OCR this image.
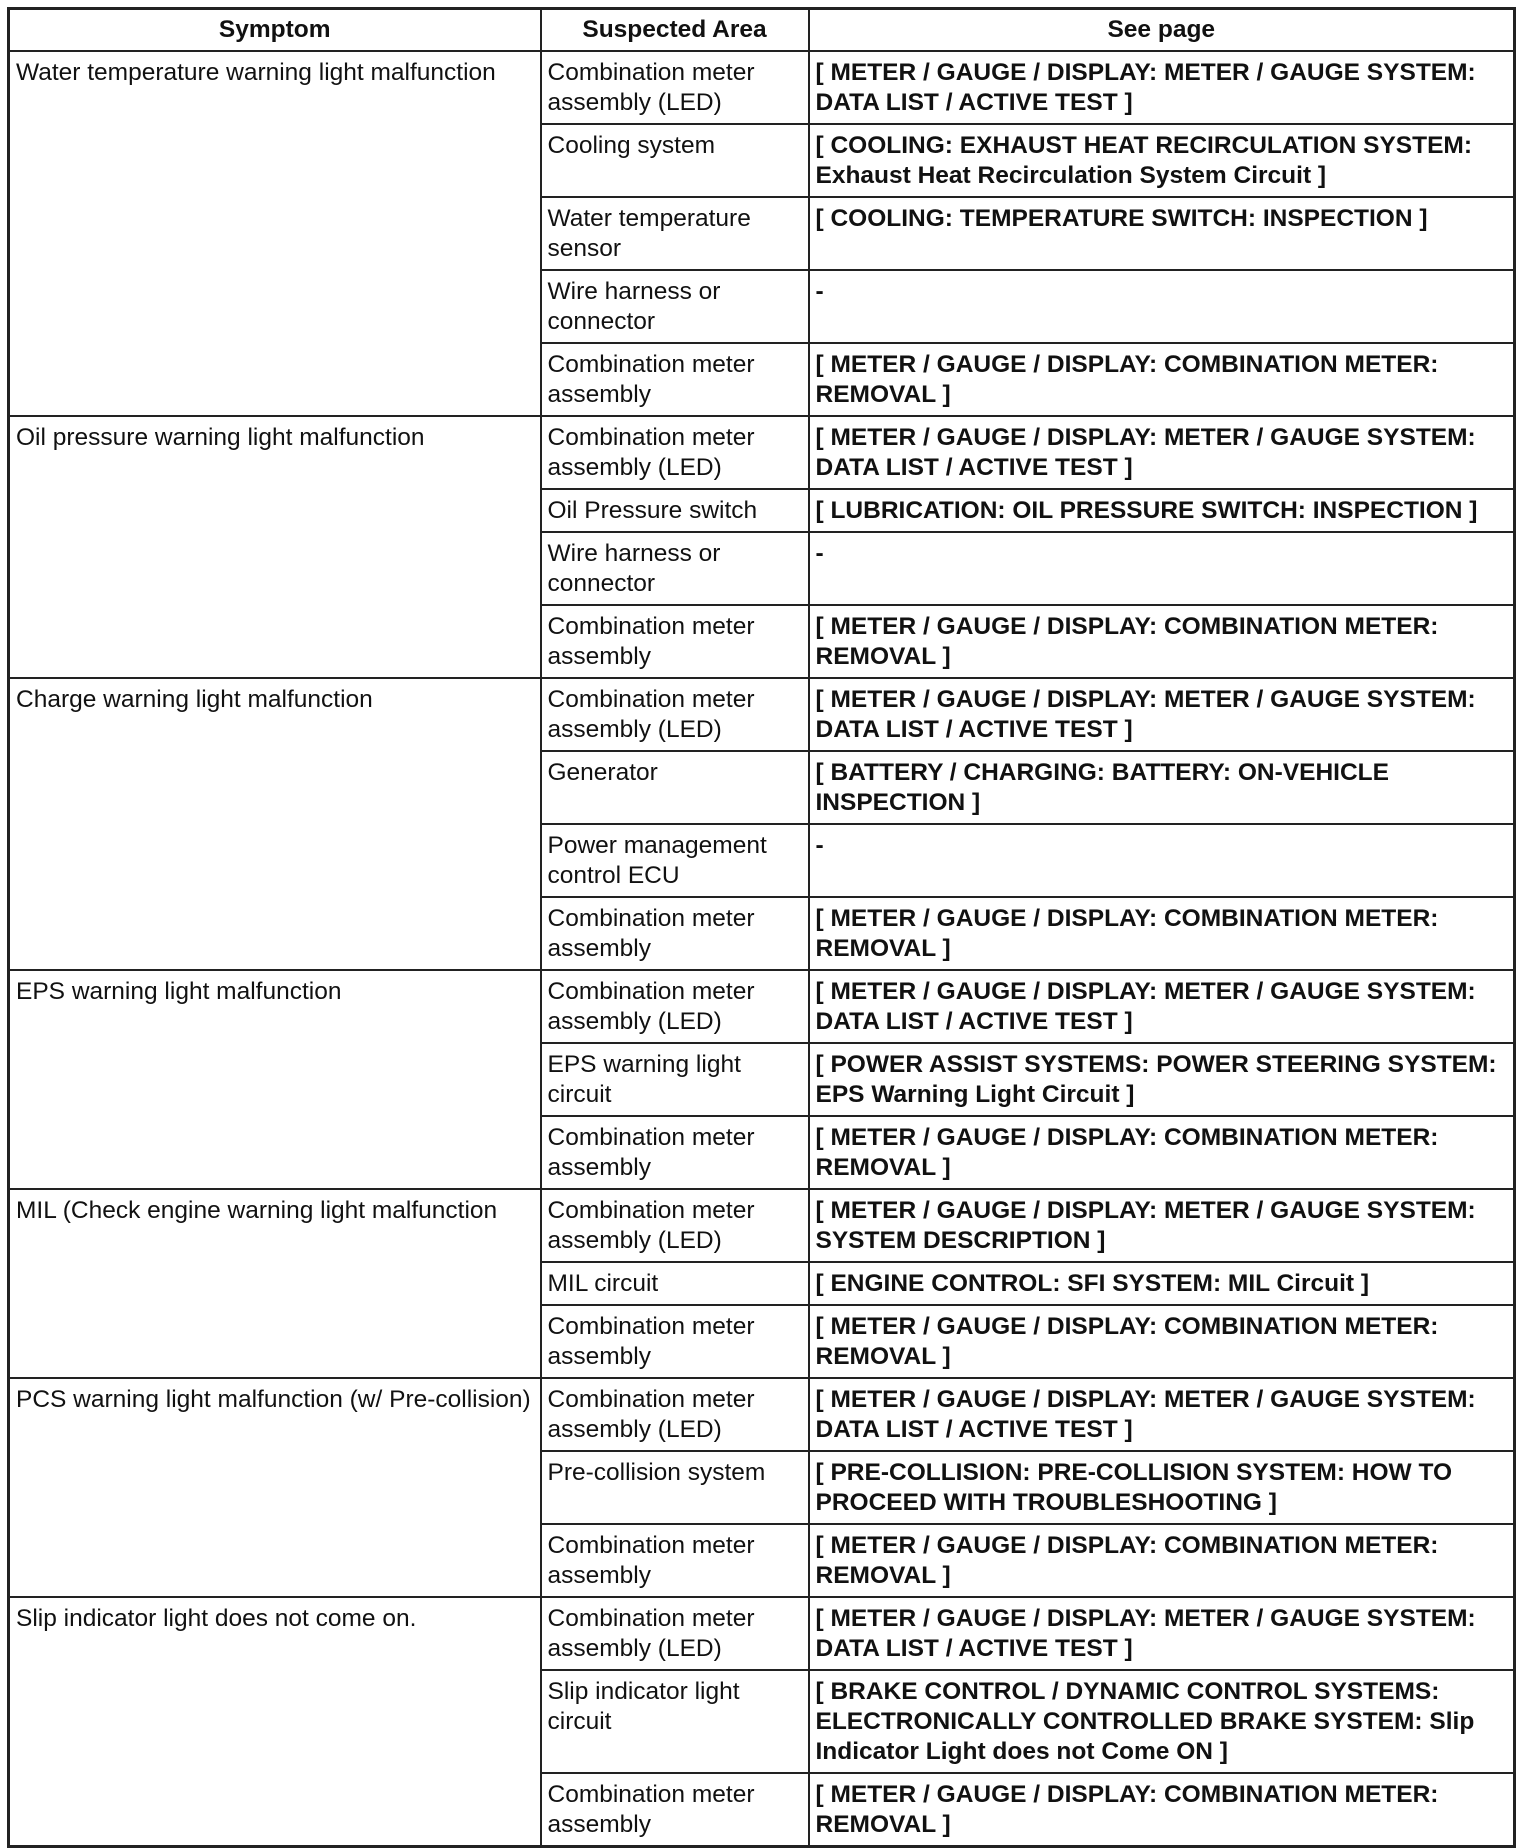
Symptom	Suspected Area	See page
Water temperature warning light malfunction	Combination meter assembly (LED)	[ METER / GAUGE / DISPLAY: METER / GAUGE SYSTEM: DATA LIST / ACTIVE TEST ]
	Cooling system	[ COOLING: EXHAUST HEAT RECIRCULATION SYSTEM: Exhaust Heat Recirculation System Circuit ]
	Water temperature sensor	[ COOLING: TEMPERATURE SWITCH: INSPECTION ]
	Wire harness or connector	-
	Combination meter assembly	[ METER / GAUGE / DISPLAY: COMBINATION METER: REMOVAL ]
Oil pressure warning light malfunction	Combination meter assembly (LED)	[ METER / GAUGE / DISPLAY: METER / GAUGE SYSTEM: DATA LIST / ACTIVE TEST ]
	Oil Pressure switch	[ LUBRICATION: OIL PRESSURE SWITCH: INSPECTION ]
	Wire harness or connector	-
	Combination meter assembly	[ METER / GAUGE / DISPLAY: COMBINATION METER: REMOVAL ]
Charge warning light malfunction	Combination meter assembly (LED)	[ METER / GAUGE / DISPLAY: METER / GAUGE SYSTEM: DATA LIST / ACTIVE TEST ]
	Generator	[ BATTERY / CHARGING: BATTERY: ON-VEHICLE INSPECTION ]
	Power management control ECU	-
	Combination meter assembly	[ METER / GAUGE / DISPLAY: COMBINATION METER: REMOVAL ]
EPS warning light malfunction	Combination meter assembly (LED)	[ METER / GAUGE / DISPLAY: METER / GAUGE SYSTEM: DATA LIST / ACTIVE TEST ]
	EPS warning light circuit	[ POWER ASSIST SYSTEMS: POWER STEERING SYSTEM: EPS Warning Light Circuit ]
	Combination meter assembly	[ METER / GAUGE / DISPLAY: COMBINATION METER: REMOVAL ]
MIL (Check engine warning light malfunction	Combination meter assembly (LED)	[ METER / GAUGE / DISPLAY: METER / GAUGE SYSTEM: SYSTEM DESCRIPTION ]
	MIL circuit	[ ENGINE CONTROL: SFI SYSTEM: MIL Circuit ]
	Combination meter assembly	[ METER / GAUGE / DISPLAY: COMBINATION METER: REMOVAL ]
PCS warning light malfunction (w/ Pre-collision)	Combination meter assembly (LED)	[ METER / GAUGE / DISPLAY: METER / GAUGE SYSTEM: DATA LIST / ACTIVE TEST ]
	Pre-collision system	[ PRE-COLLISION: PRE-COLLISION SYSTEM: HOW TO PROCEED WITH TROUBLESHOOTING ]
	Combination meter assembly	[ METER / GAUGE / DISPLAY: COMBINATION METER: REMOVAL ]
Slip indicator light does not come on.	Combination meter assembly (LED)	[ METER / GAUGE / DISPLAY: METER / GAUGE SYSTEM: DATA LIST / ACTIVE TEST ]
	Slip indicator light circuit	[ BRAKE CONTROL / DYNAMIC CONTROL SYSTEMS: ELECTRONICALLY CONTROLLED BRAKE SYSTEM: Slip Indicator Light does not Come ON ]
	Combination meter assembly	[ METER / GAUGE / DISPLAY: COMBINATION METER: REMOVAL ]
